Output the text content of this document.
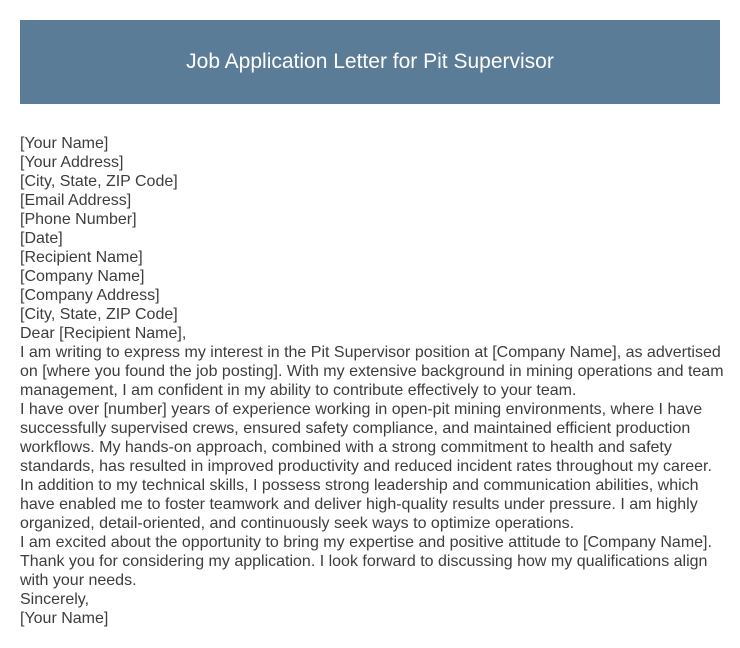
Job Application Letter for Pit Supervisor

[Your Name]

[Your Address]

[City, State, ZIP Code]

[Email Address]

[Phone Number]

[Date]

[Recipient Name]

[Company Name]

[Company Address]

[City, State, ZIP Code]

Dear [Recipient Name],

I am writing to express my interest in the Pit Supervisor position at [Company Name], as advertised on [where you found the job posting]. With my extensive background in mining operations and team management, I am confident in my ability to contribute effectively to your team.

I have over [number] years of experience working in open-pit mining environments, where I have successfully supervised crews, ensured safety compliance, and maintained efficient production workflows. My hands-on approach, combined with a strong commitment to health and safety standards, has resulted in improved productivity and reduced incident rates throughout my career.

In addition to my technical skills, I possess strong leadership and communication abilities, which have enabled me to foster teamwork and deliver high-quality results under pressure. I am highly organized, detail-oriented, and continuously seek ways to optimize operations.

I am excited about the opportunity to bring my expertise and positive attitude to [Company Name].

Thank you for considering my application. I look forward to discussing how my qualifications align with your needs.

Sincerely,

[Your Name]
